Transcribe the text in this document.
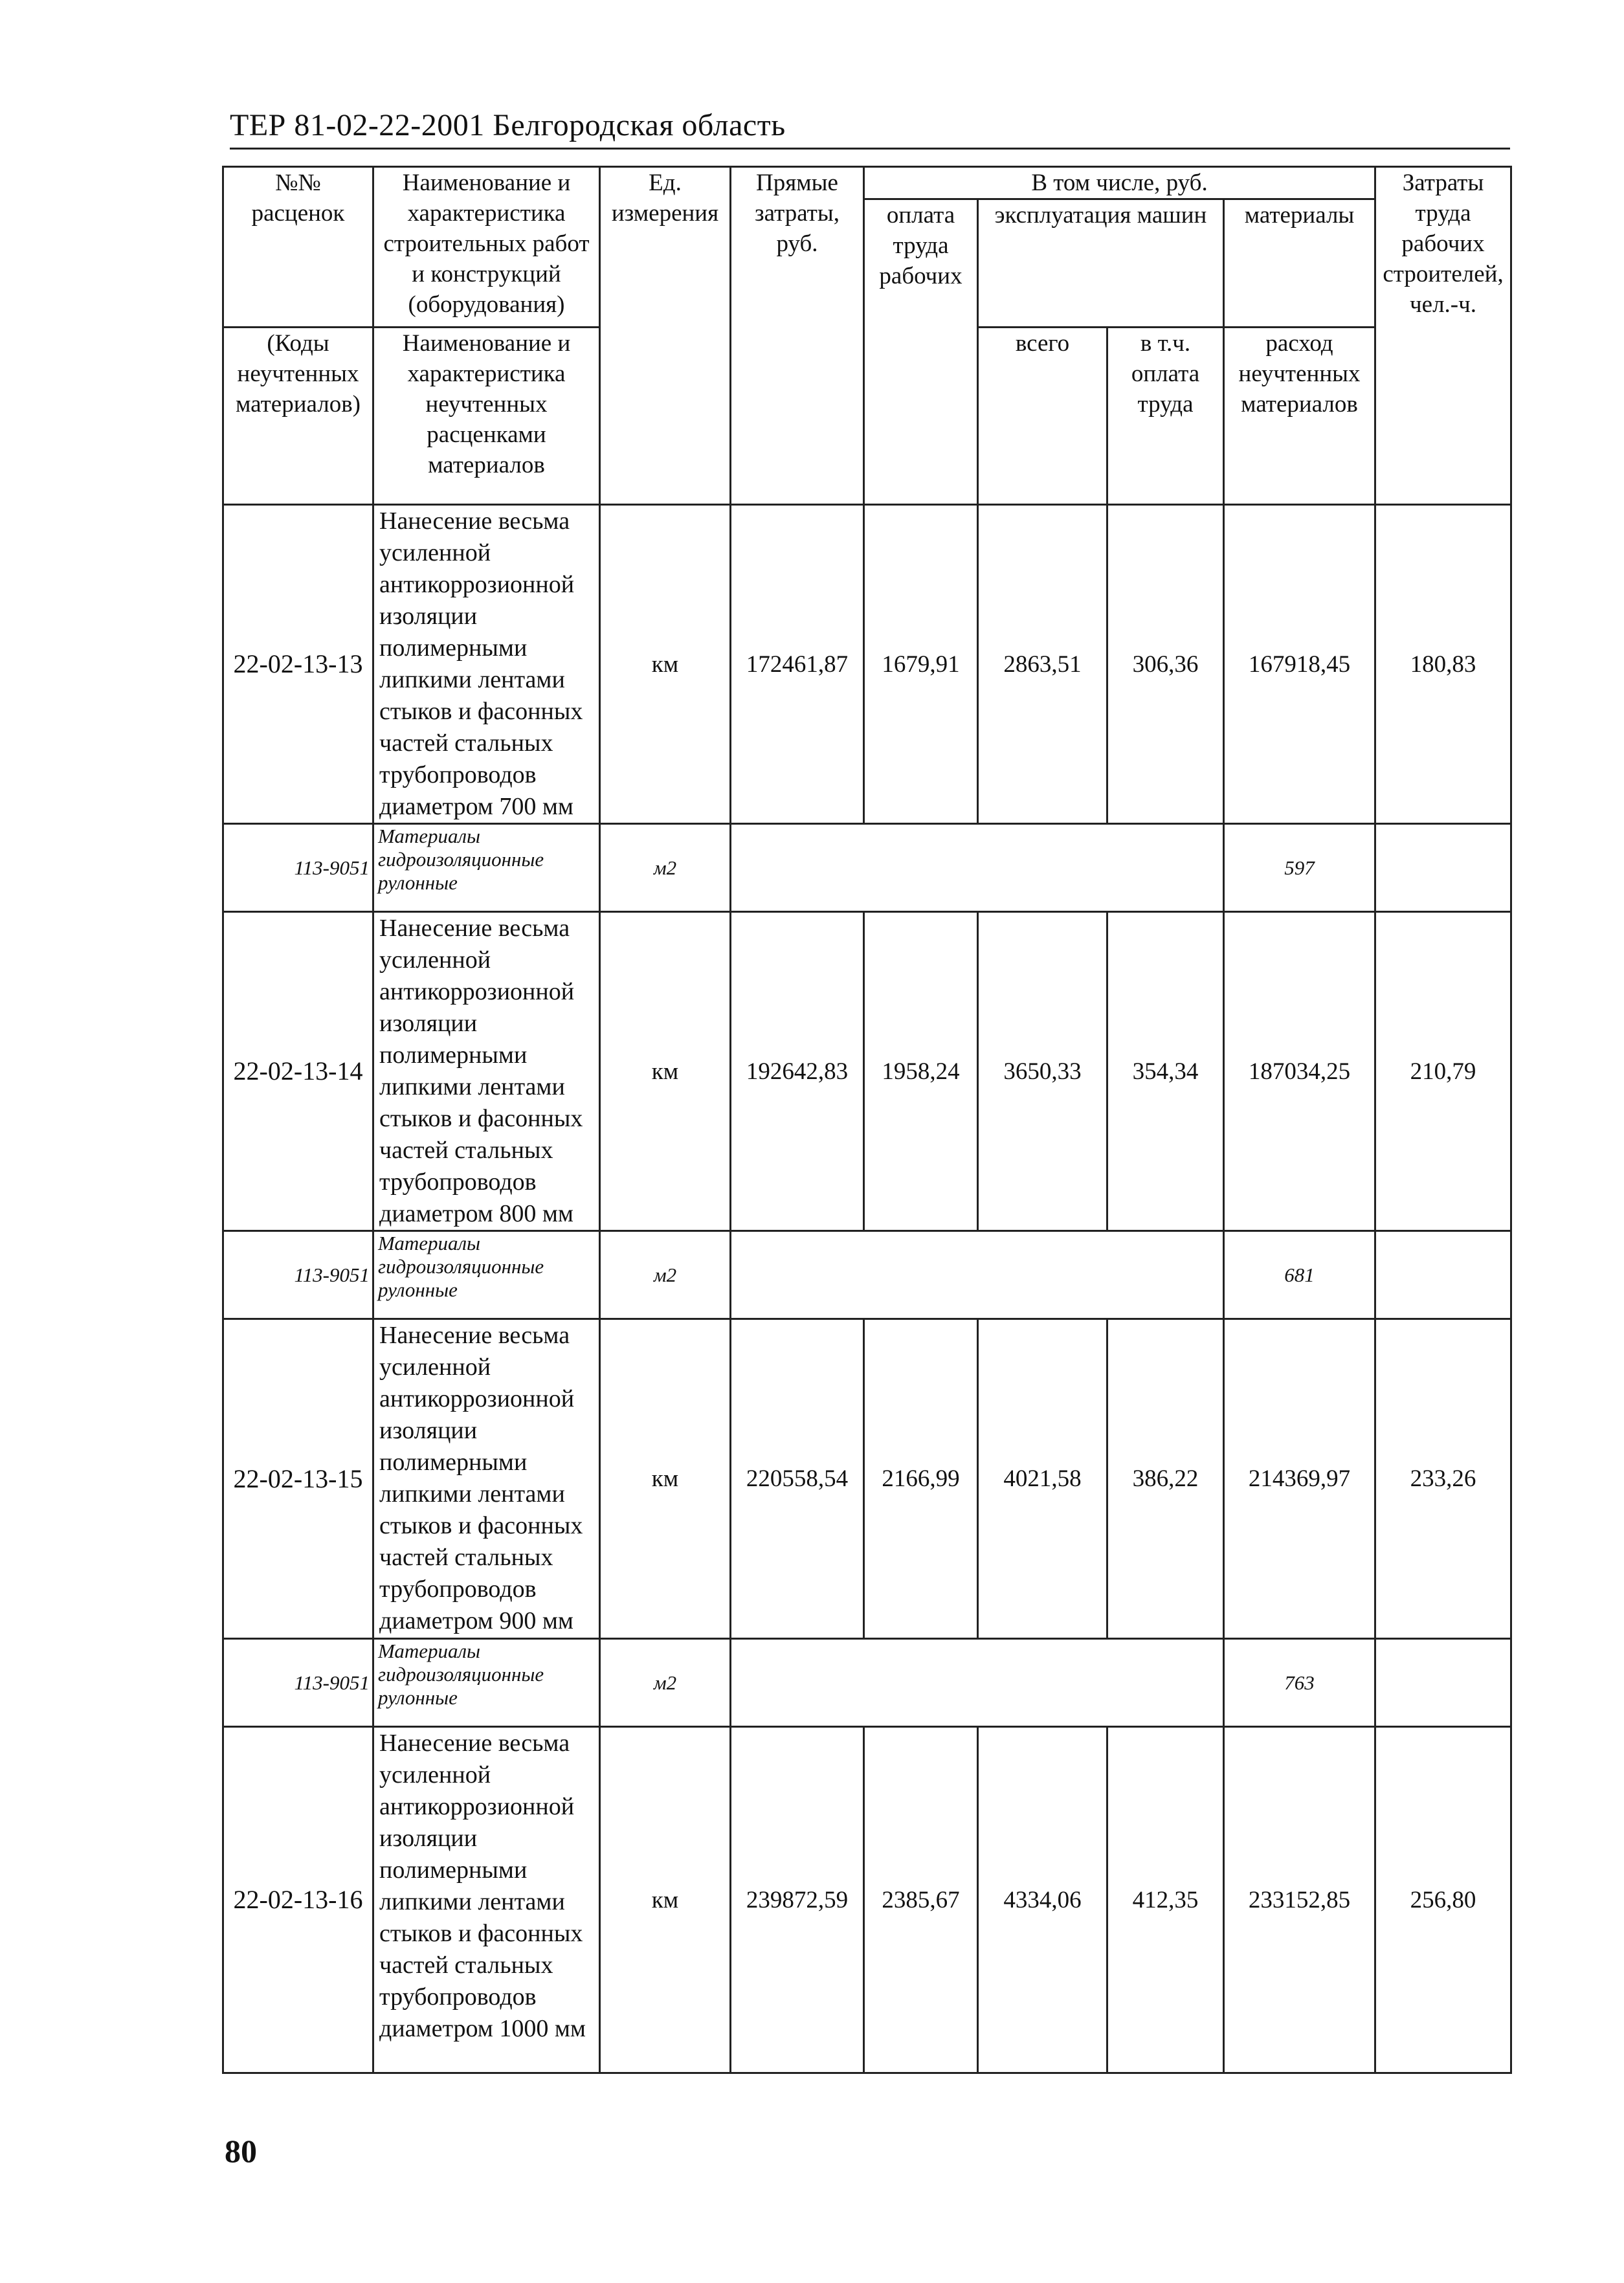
ТЕР 81-02-22-2001 Белгородская область
№№ расценок	Наименование и характеристика строительных работ и конструкций (оборудования)	Ед. измерения	Прямые затраты, руб.	В том числе, руб.				Затраты труда рабочих строителей, чел.-ч.
				оплата труда рабочих	эксплуатация машин		материалы	

(Коды неучтенных материалов)	Наименование и характеристика неучтенных расценками материалов				всего	в т.ч. оплата труда	расход неучтенных материалов	

22-02-13-13	Нанесение весьма усиленной антикоррозионной изоляции полимерными липкими лентами стыков и фасонных частей стальных трубопроводов диаметром 700 мм	км	172461,87	1679,91	2863,51	306,36	167918,45	180,83
113-9051	Материалы гидроизоляционные рулонные	м2					597	
22-02-13-14	Нанесение весьма усиленной антикоррозионной изоляции полимерными липкими лентами стыков и фасонных частей стальных трубопроводов диаметром 800 мм	км	192642,83	1958,24	3650,33	354,34	187034,25	210,79
113-9051	Материалы гидроизоляционные рулонные	м2					681	
22-02-13-15	Нанесение весьма усиленной антикоррозионной изоляции полимерными липкими лентами стыков и фасонных частей стальных трубопроводов диаметром 900 мм	км	220558,54	2166,99	4021,58	386,22	214369,97	233,26
113-9051	Материалы гидроизоляционные рулонные	м2					763	
22-02-13-16	Нанесение весьма усиленной антикоррозионной изоляции полимерными липкими лентами стыков и фасонных частей стальных трубопроводов диаметром 1000 мм	км	239872,59	2385,67	4334,06	412,35	233152,85	256,80
80
